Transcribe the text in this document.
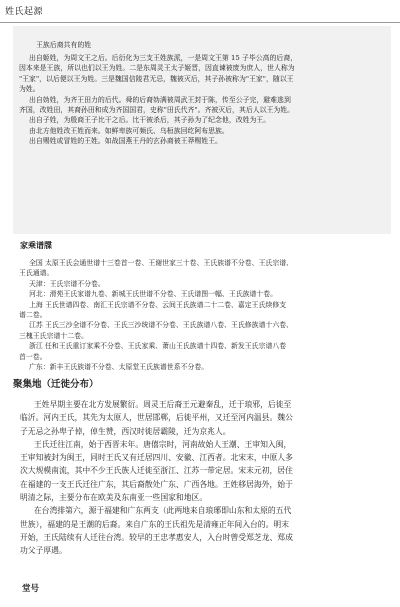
姓氏起源
王族后裔共有的姓
出自姬姓，为周文王之后。后衍化为三支王姓族派，一是周文王第 15 子毕公高的后裔，
因本来是王族，所以也们以王为姓。二是东周灵王太子姬晋，因直谏被废为庶人，世人称为
"王家"，以后便以王为姓。三是魏国信陵君无忌，魏被灭后，其子孙被称为"王家"，随以王
为姓。
出自妫姓，为齐王田力的后代。舜的后裔妫满被周武王封于陈，传至公子完，避难逃到
齐国，改姓田，其裔孙田和成为齐国国君，史称"田氏代齐"。齐被灭后，其后人以王为姓。
出自子姓，为殷商王子比干之后。比干被杀后，其子孙为了纪念他，改姓为王。
由北方他姓改王姓而来。如鲜卑族可频氏、乌桓族回纥阿布思族。
出自赐姓或冒姓的王姓。如战国燕王丹的玄孙裔被王莽赐姓王。
家乘谱牒
全国 太原王氏会通世谱十三卷首一卷、王谢世家三十卷、王氏族谱不分卷、王氏宗谱、
王氏通谱。
天津：王氏宗谱不分卷。
河北：滑苑王氏家谱九卷、新城王氏世谱不分卷、王氏谱图一幅、王氏族谱十卷。
上海 王氏世谱四卷、南汇王氏宗谱不分卷、云间王氏族谱二十二卷、嘉定王氏续修支
谱二卷。
江苏 王氏三沙全谱不分卷、王氏三沙统谱不分卷、王氏族谱八卷、王氏修族谱十六卷、
三槐王氏宗谱十二卷。
浙江 任和王氏重订家乘不分卷、王氏家乘、萧山王氏族谱十四卷、新发王氏宗谱八卷
首一卷。
广东：新丰王氏族谱不分卷、太原堂王氏族谱世系不分卷。
聚集地（迁徙分布）
王姓早期主要在北方发展繁衍。周灵王后裔王元避秦乱，迁于琅邪，后徙至
临沂。河内王氏，其先为太原人，世居邯郸，后徙平州，又迁至河内温县。魏公
子无忌之孙卑子倬，倬生赞，西汉时徙居霸陵，迁为京兆人。
王氏迁往江南，始于西晋末年。唐僖宗时，河南故始人王潮、王审知入闽，
王审知被封为闽王，同时王氏又有迁居四川、安徽、江西者。北宋末，中原人多
次大规模南流，其中不少王氏族人迁徙至浙江、江苏一带定居。宋末元初，居住
在福建的一支王氏迁往广东，其后裔散处广东、广西各地。王姓移居海外，始于
明清之际，主要分布在欧美及东南亚一些国家和地区。
在台湾排第六，源于福建和广东两支（此两地来自琅琊即山东和太原的五代
世族），福建的是王潮的后裔。来自广东的王氏祖先是清雍正年间入台的。明末
开始，王氏陆续有人迁往台湾。较早的王忠孝惠安人，入台时曾受郑芝龙、郑成
功父子厚遇。
堂号
